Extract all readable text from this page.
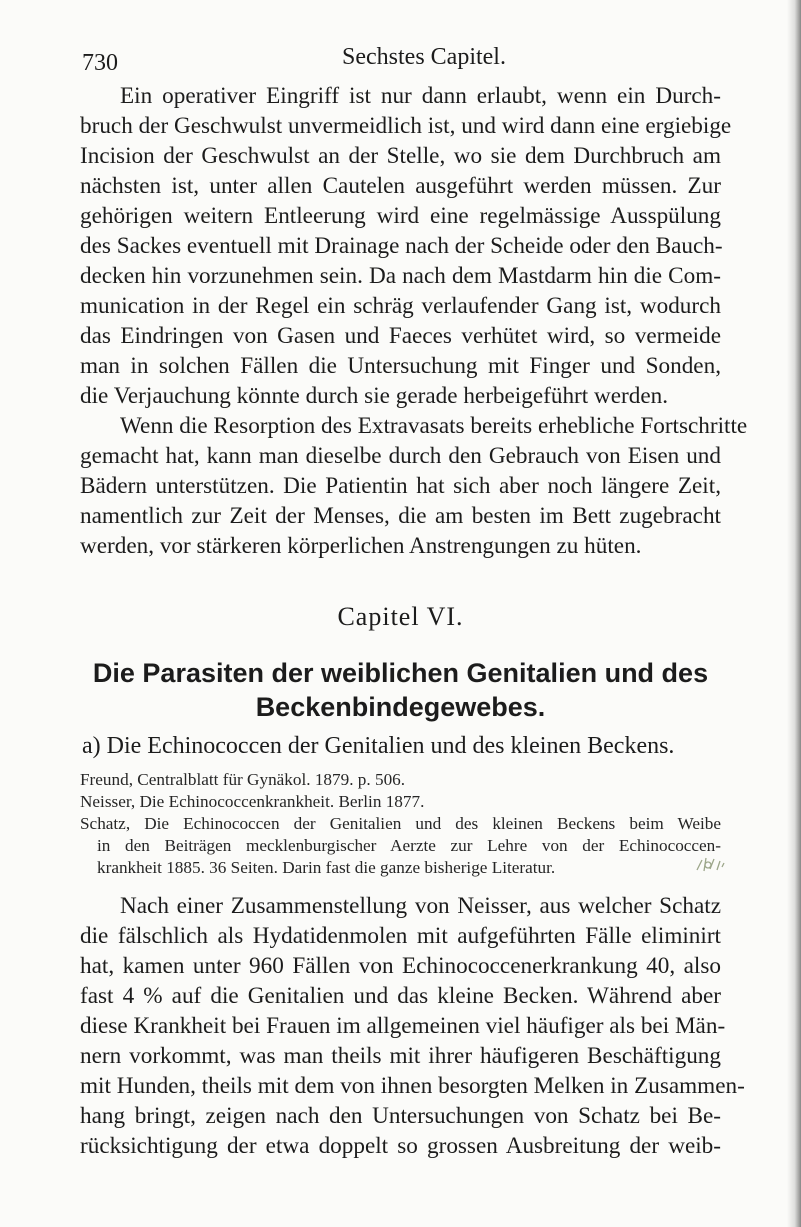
730	Sechstes Capitel.
Ein operativer Eingriff ist nur dann erlaubt, wenn ein Durch-
bruch der Geschwulst unvermeidlich ist, und wird dann eine ergiebige
Incision der Geschwulst an der Stelle, wo sie dem Durchbruch am
nächsten ist, unter allen Cautelen ausgeführt werden müssen. Zur
gehörigen weitern Entleerung wird eine regelmässige Ausspülung
des Sackes eventuell mit Drainage nach der Scheide oder den Bauch-
decken hin vorzunehmen sein. Da nach dem Mastdarm hin die Com-
munication in der Regel ein schräg verlaufender Gang ist, wodurch
das Eindringen von Gasen und Faeces verhütet wird, so vermeide
man in solchen Fällen die Untersuchung mit Finger und Sonden,
die Verjauchung könnte durch sie gerade herbeigeführt werden.
Wenn die Resorption des Extravasats bereits erhebliche Fortschritte
gemacht hat, kann man dieselbe durch den Gebrauch von Eisen und
Bädern unterstützen. Die Patientin hat sich aber noch längere Zeit,
namentlich zur Zeit der Menses, die am besten im Bett zugebracht
werden, vor stärkeren körperlichen Anstrengungen zu hüten.
Capitel VI.
Die Parasiten der weiblichen Genitalien und des
Beckenbindegewebes.
a) Die Echinococcen der Genitalien und des kleinen Beckens.
Freund, Centralblatt für Gynäkol. 1879. p. 506.
Neisser, Die Echinococcenkrankheit. Berlin 1877.
Schatz, Die Echinococcen der Genitalien und des kleinen Beckens beim Weibe
in den Beiträgen mecklenburgischer Aerzte zur Lehre von der Echinococcen-
krankheit 1885. 36 Seiten. Darin fast die ganze bisherige Literatur.
Nach einer Zusammenstellung von Neisser, aus welcher Schatz
die fälschlich als Hydatidenmolen mit aufgeführten Fälle eliminirt
hat, kamen unter 960 Fällen von Echinococcenerkrankung 40, also
fast 4 % auf die Genitalien und das kleine Becken. Während aber
diese Krankheit bei Frauen im allgemeinen viel häufiger als bei Män-
nern vorkommt, was man theils mit ihrer häufigeren Beschäftigung
mit Hunden, theils mit dem von ihnen besorgten Melken in Zusammen-
hang bringt, zeigen nach den Untersuchungen von Schatz bei Be-
rücksichtigung der etwa doppelt so grossen Ausbreitung der weib-
